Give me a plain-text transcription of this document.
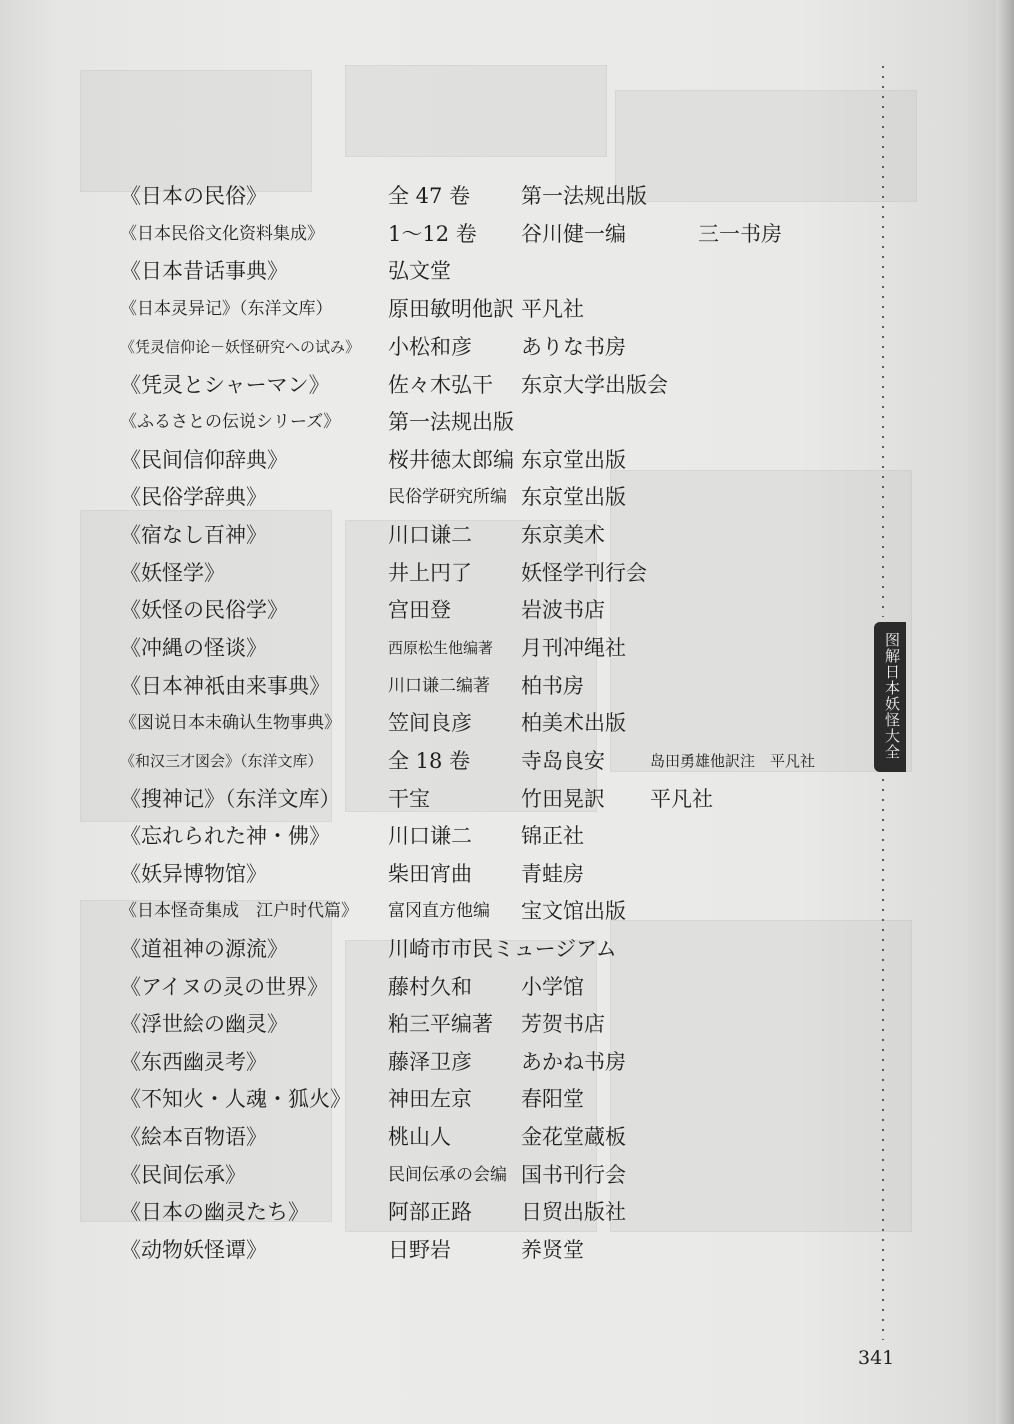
图解日本妖怪大全
《日本の民俗》	全 47 卷 第一法规出版
《日本民俗文化资料集成》	1～12 卷 谷川健一编	三一书房
《日本昔话事典》	弘文堂
《日本灵异记》（东洋文库）	原田敏明他訳 平凡社
《凭灵信仰论－妖怪研究への试み》 小松和彦 ありな书房
《凭灵とシャーマン》	佐々木弘干 东京大学出版会
《ふるさとの伝说シリーズ》 第一法规出版
《民间信仰辞典》	桜井徳太郎编 东京堂出版
《民俗学辞典》	民俗学研究所编 东京堂出版
《宿なし百神》	川口谦二 东京美术
《妖怪学》	井上円了 妖怪学刊行会
《妖怪の民俗学》	宫田登	岩波书店
《冲縄の怪谈》	西原松生他编著 月刊冲绳社
《日本神祇由来事典》	川口谦二编著 柏书房
《図说日本未确认生物事典》 笠间良彦 柏美术出版
《和汉三才図会》（东洋文库）	全 18 卷 寺岛良安	岛田勇雄他訳注　平凡社
《搜神记》（东洋文库） 干宝	竹田晃訳 平凡社
《忘れられた神・佛》	川口谦二 锦正社
《妖异博物馆》	柴田宵曲 青蛙房
《日本怪奇集成　江户时代篇》 富冈直方他编 宝文馆出版
《道祖神の源流》	川崎市市民ミュージアム
《アイヌの灵の世界》	藤村久和 小学馆
《浮世絵の幽灵》	粕三平编著 芳贺书店
《东西幽灵考》	藤泽卫彦 あかね书房
《不知火・人魂・狐火》 神田左京 春阳堂
《絵本百物语》	桃山人	金花堂蔵板
《民间伝承》	民间伝承の会编 国书刊行会
《日本の幽灵たち》	阿部正路 日贸出版社
《动物妖怪谭》	日野岩	养贤堂
341
